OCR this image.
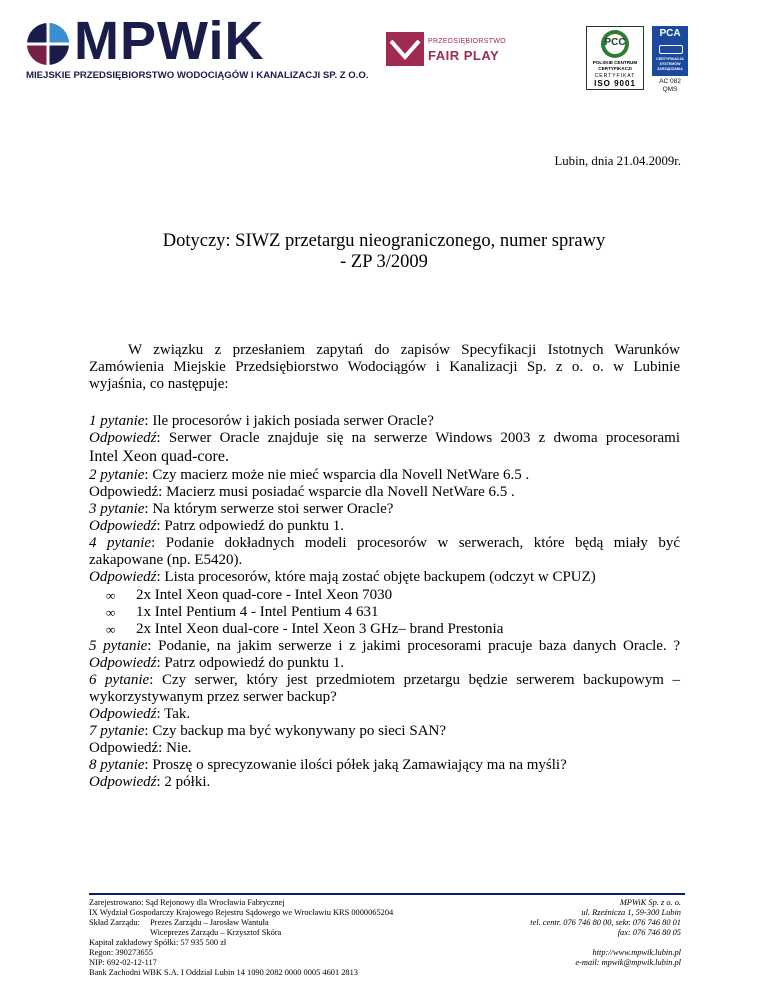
MPWiK
MIEJSKIE PRZEDSIĘBIORSTWO WODOCIĄGÓW I KANALIZACJI SP. Z O.O.
PRZEDSIĘBIORSTWO
FAIR PLAY
PCC
POLSKIE CENTRUM
CERTYFIKACJI
CERTYFIKAT
ISO 9001
PCA
CERTYFIKACJA
SYSTEMÓW
ZARZĄDZANIA
AC 082
QMS
Lubin, dnia 21.04.2009r.
Dotyczy: SIWZ przetargu nieograniczonego, numer sprawy
- ZP 3/2009
W związku z przesłaniem zapytań do zapisów Specyfikacji Istotnych Warunków
Zamówienia Miejskie Przedsiębiorstwo Wodociągów i Kanalizacji Sp. z o. o. w Lubinie
wyjaśnia, co następuje:
1 pytanie: Ile procesorów i jakich posiada serwer Oracle?
Odpowiedź: Serwer Oracle znajduje się na serwerze Windows 2003 z dwoma procesorami
Intel Xeon quad-core.
2 pytanie: Czy macierz może nie mieć wsparcia dla Novell NetWare 6.5 .
Odpowiedź: Macierz musi posiadać wsparcie dla Novell NetWare 6.5 .
3 pytanie: Na którym serwerze stoi serwer Oracle?
Odpowiedź: Patrz odpowiedź do punktu 1.
4 pytanie: Podanie dokładnych modeli procesorów w serwerach, które będą miały być
zakapowane (np. E5420).
Odpowiedź: Lista procesorów, które mają zostać objęte backupem (odczyt w CPUZ)
∞ 2x Intel Xeon quad-core - Intel Xeon 7030
∞ 1x Intel Pentium 4 - Intel Pentium 4 631
∞ 2x Intel Xeon dual-core - Intel Xeon 3 GHz– brand Prestonia
5 pytanie: Podanie, na jakim serwerze i z jakimi procesorami pracuje baza danych Oracle. ?
Odpowiedź: Patrz odpowiedź do punktu 1.
6 pytanie: Czy serwer, który jest przedmiotem przetargu będzie serwerem backupowym –
wykorzystywanym przez serwer backup?
Odpowiedź: Tak.
7 pytanie: Czy backup ma być wykonywany po sieci SAN?
Odpowiedź: Nie.
8 pytanie: Proszę o sprecyzowanie ilości półek jaką Zamawiający ma na myśli?
Odpowiedź: 2 półki.
Zarejestrowano: Sąd Rejonowy dla Wrocławia Fabrycznej
IX Wydział Gospodarczy Krajowego Rejestru Sądowego we Wrocławiu KRS 0000065204
Skład Zarządu: Prezes Zarządu – Jarosław Wantuła
Wiceprezes Zarządu – Krzysztof Skóra
Kapitał zakładowy Spółki: 57 935 500 zł
Regon: 390273655
NIP: 692-02-12-117
Bank Zachodni WBK S.A. I Oddział Lubin 14 1090 2082 0000 0005 4601 2813
MPWiK Sp. z o. o.
ul. Rzeźnicza 1, 59-300 Lubin
tel. centr. 076 746 80 00, sekr. 076 746 80 01
fax: 076 746 80 05
http://www.mpwik.lubin.pl
e-mail: mpwik@mpwik.lubin.pl
